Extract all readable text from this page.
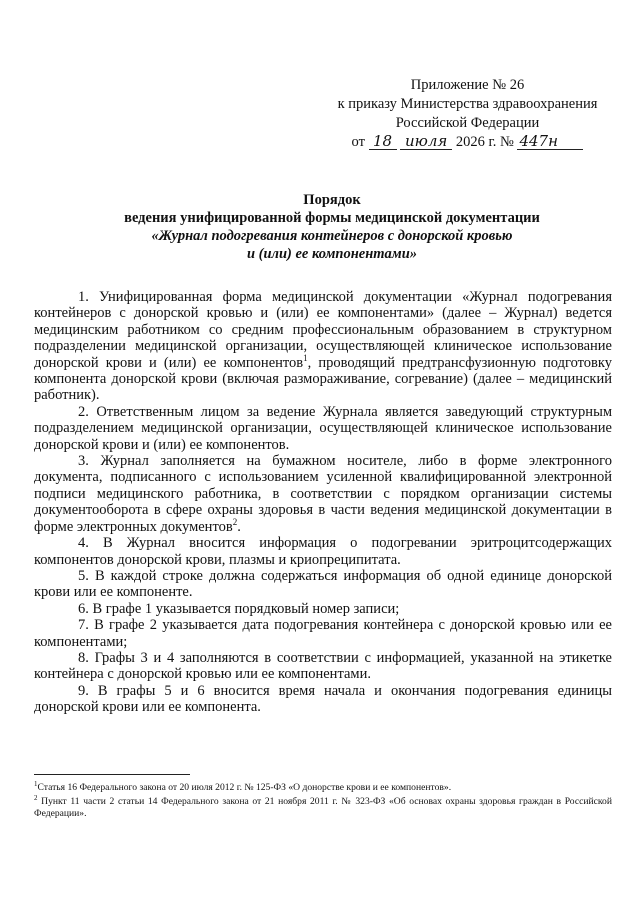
Приложение № 26
к приказу Министерства здравоохранения
Российской Федерации
от 18 июля 2026 г. № 447н
Порядок
ведения унифицированной формы медицинской документации
«Журнал подогревания контейнеров с донорской кровью
и (или) ее компонентами»

1. Унифицированная форма медицинской документации «Журнал подогревания контейнеров с донорской кровью и (или) ее компонентами» (далее – Журнал) ведется медицинским работником со средним профессиональным образованием в структурном подразделении медицинской организации, осуществляющей клиническое использование донорской крови и (или) ее компонентов$^1$, проводящий предтрансфузионную подготовку компонента донорской крови (включая размораживание, согревание) (далее – медицинский работник).

2. Ответственным лицом за ведение Журнала является заведующий структурным подразделением медицинской организации, осуществляющей клиническое использование донорской крови и (или) ее компонентов.

3. Журнал заполняется на бумажном носителе, либо в форме электронного документа, подписанного с использованием усиленной квалифицированной электронной подписи медицинского работника, в соответствии с порядком организации системы документооборота в сфере охраны здоровья в части ведения медицинской документации в форме электронных документов$^2$.

4. В Журнал вносится информация о подогревании эритроцитсодержащих компонентов донорской крови, плазмы и криопреципитата.

5. В каждой строке должна содержаться информация об одной единице донорской крови или ее компоненте.

6. В графе 1 указывается порядковый номер записи;

7. В графе 2 указывается дата подогревания контейнера с донорской кровью или ее компонентами;

8. Графы 3 и 4 заполняются в соответствии с информацией, указанной на этикетке контейнера с донорской кровью или ее компонентами.

9. В графы 5 и 6 вносится время начала и окончания подогревания единицы донорской крови или ее компонента.

$^1$Статья 16 Федерального закона от 20 июля 2012 г. № 125-ФЗ «О донорстве крови и ее компонентов».

$^2$ Пункт 11 части 2 статьи 14 Федерального закона от 21 ноября 2011 г. № 323-ФЗ «Об основах охраны здоровья граждан в Российской Федерации».
